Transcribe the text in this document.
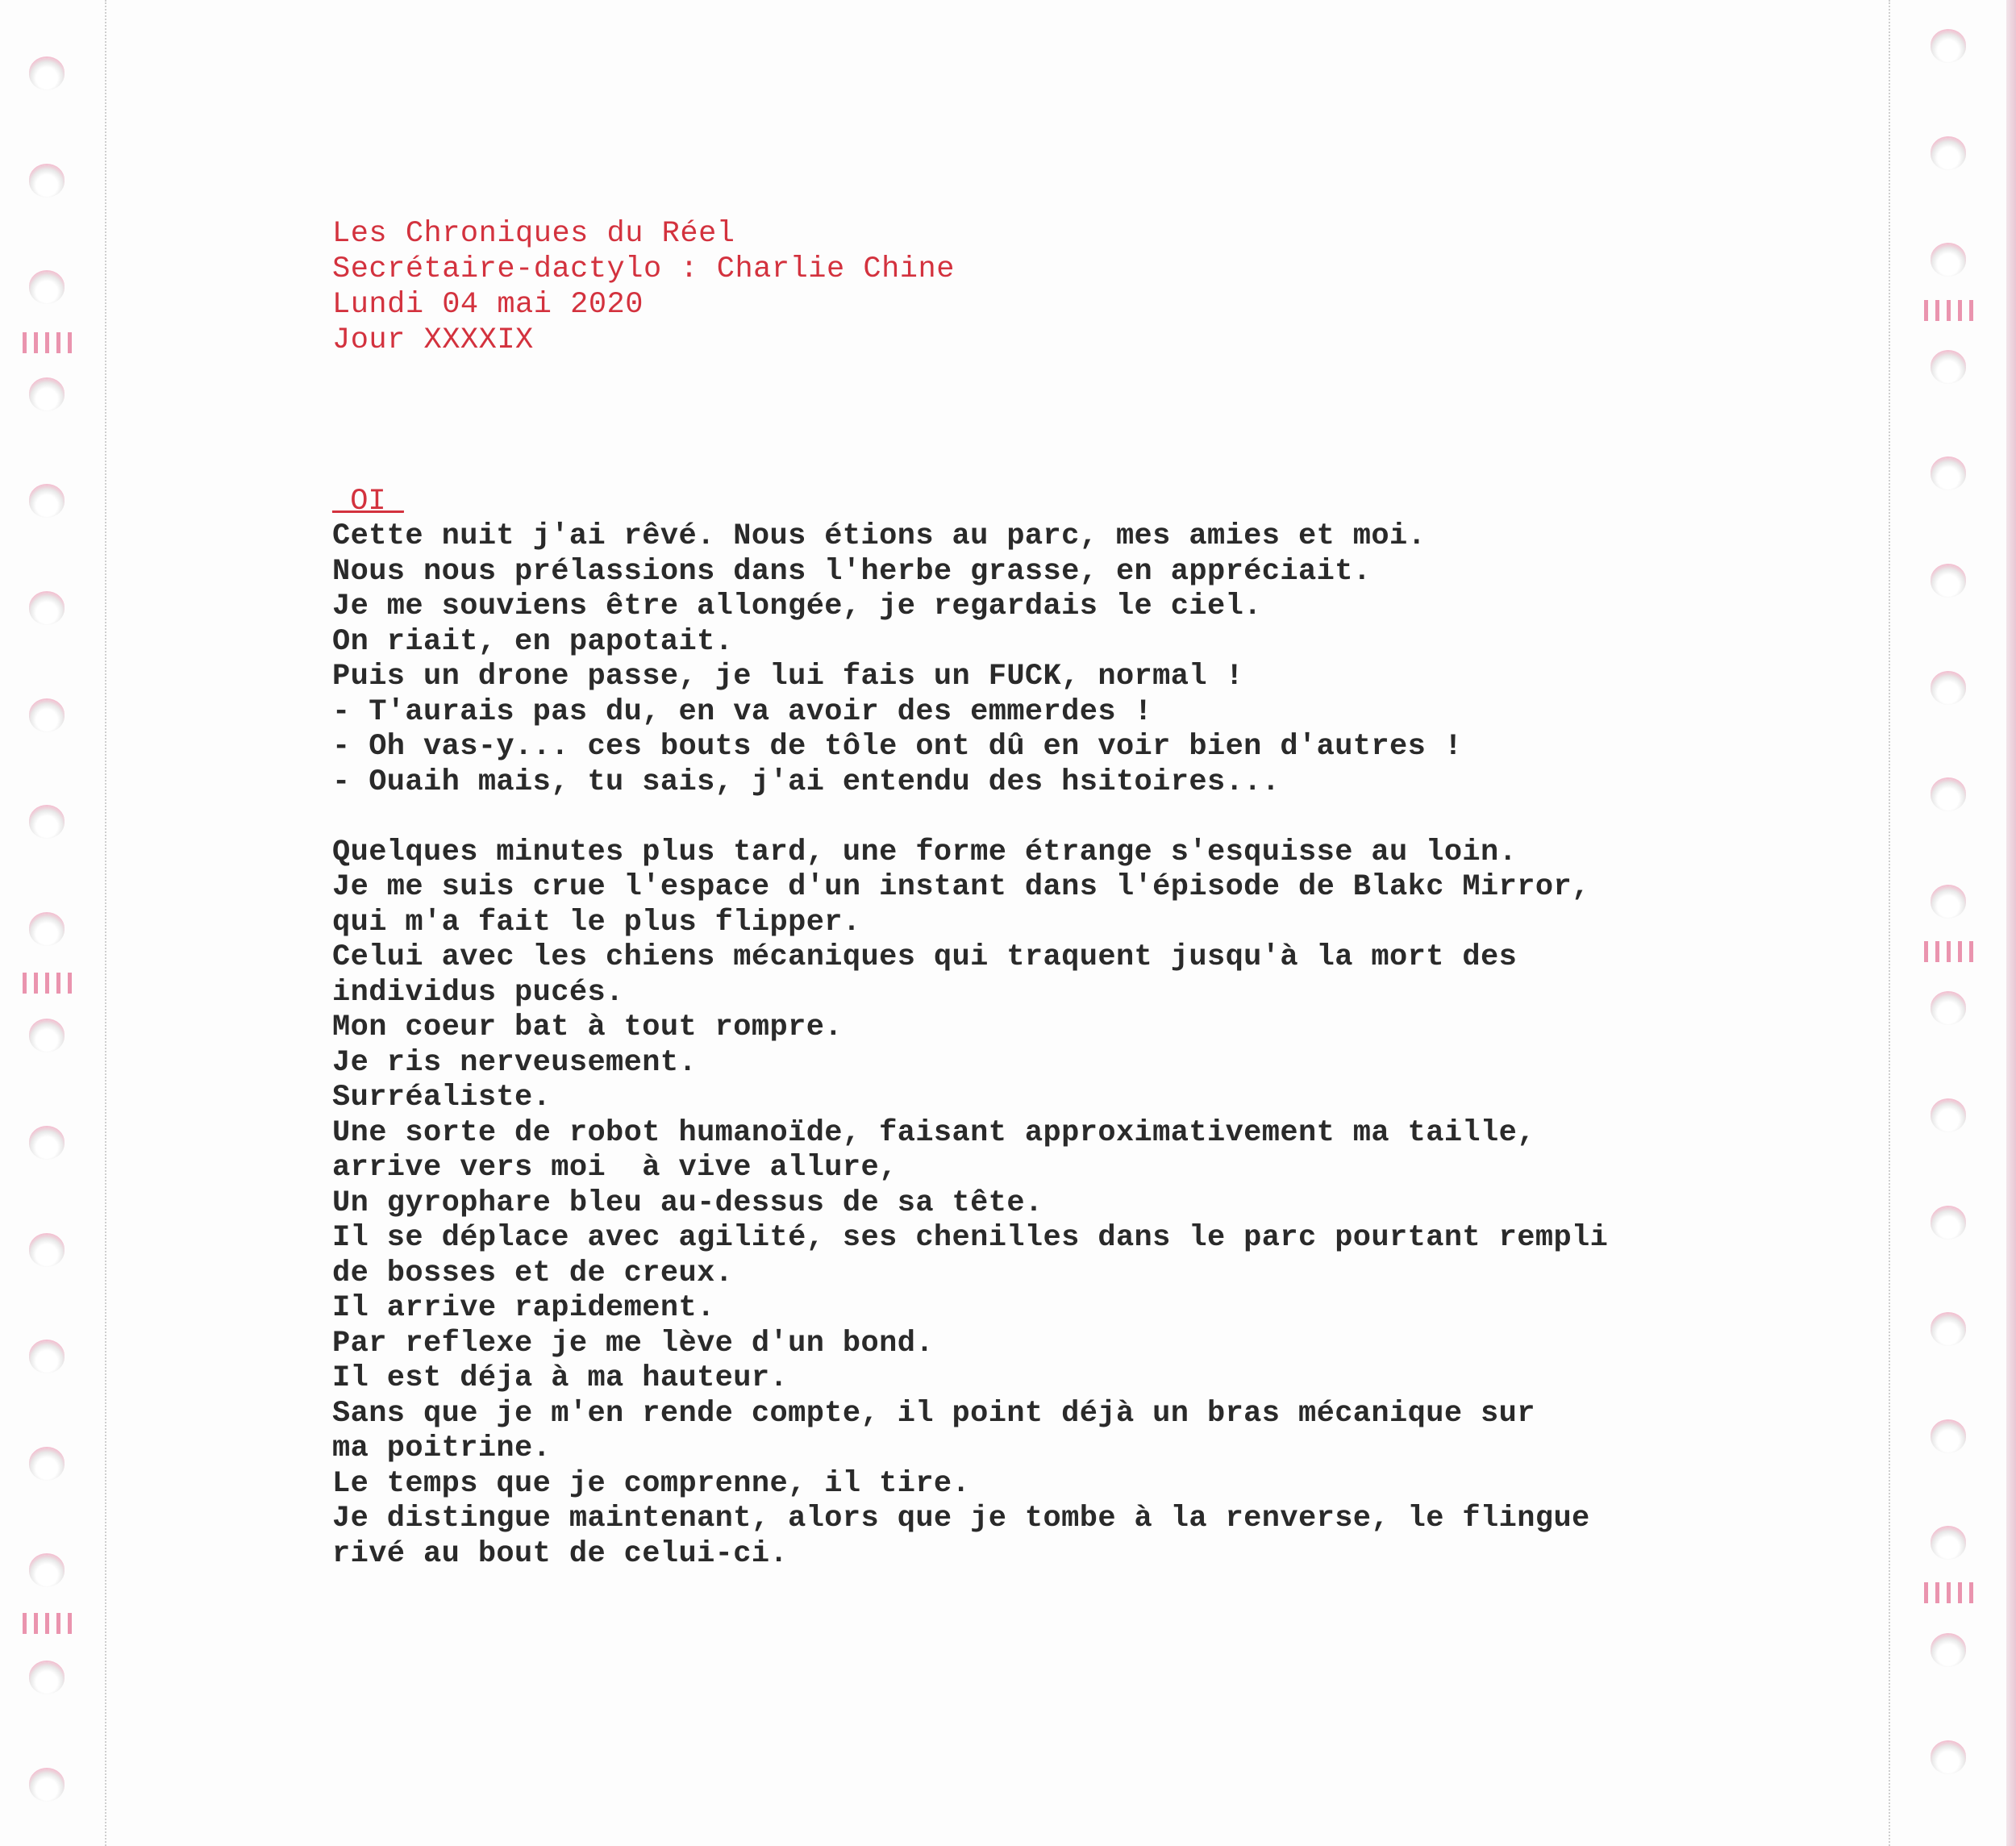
Les Chroniques du Réel
Secrétaire-dactylo : Charlie Chine
Lundi 04 mai 2020
Jour XXXXIX
_OI_
Cette nuit j'ai rêvé. Nous étions au parc, mes amies et moi.
Nous nous prélassions dans l'herbe grasse, en appréciait.
Je me souviens être allongée, je regardais le ciel.
On riait, en papotait.
Puis un drone passe, je lui fais un FUCK, normal !
- T'aurais pas du, en va avoir des emmerdes !
- Oh vas-y... ces bouts de tôle ont dû en voir bien d'autres !
- Ouaih mais, tu sais, j'ai entendu des hsitoires...
Quelques minutes plus tard, une forme étrange s'esquisse au loin.
Je me suis crue l'espace d'un instant dans l'épisode de Blakc Mirror,
qui m'a fait le plus flipper.
Celui avec les chiens mécaniques qui traquent jusqu'à la mort des
individus pucés.
Mon coeur bat à tout rompre.
Je ris nerveusement.
Surréaliste.
Une sorte de robot humanoïde, faisant approximativement ma taille,
arrive vers moi  à vive allure,
Un gyrophare bleu au-dessus de sa tête.
Il se déplace avec agilité, ses chenilles dans le parc pourtant rempli
de bosses et de creux.
Il arrive rapidement.
Par reflexe je me lève d'un bond.
Il est déja à ma hauteur.
Sans que je m'en rende compte, il point déjà un bras mécanique sur
ma poitrine.
Le temps que je comprenne, il tire.
Je distingue maintenant, alors que je tombe à la renverse, le flingue
rivé au bout de celui-ci.
